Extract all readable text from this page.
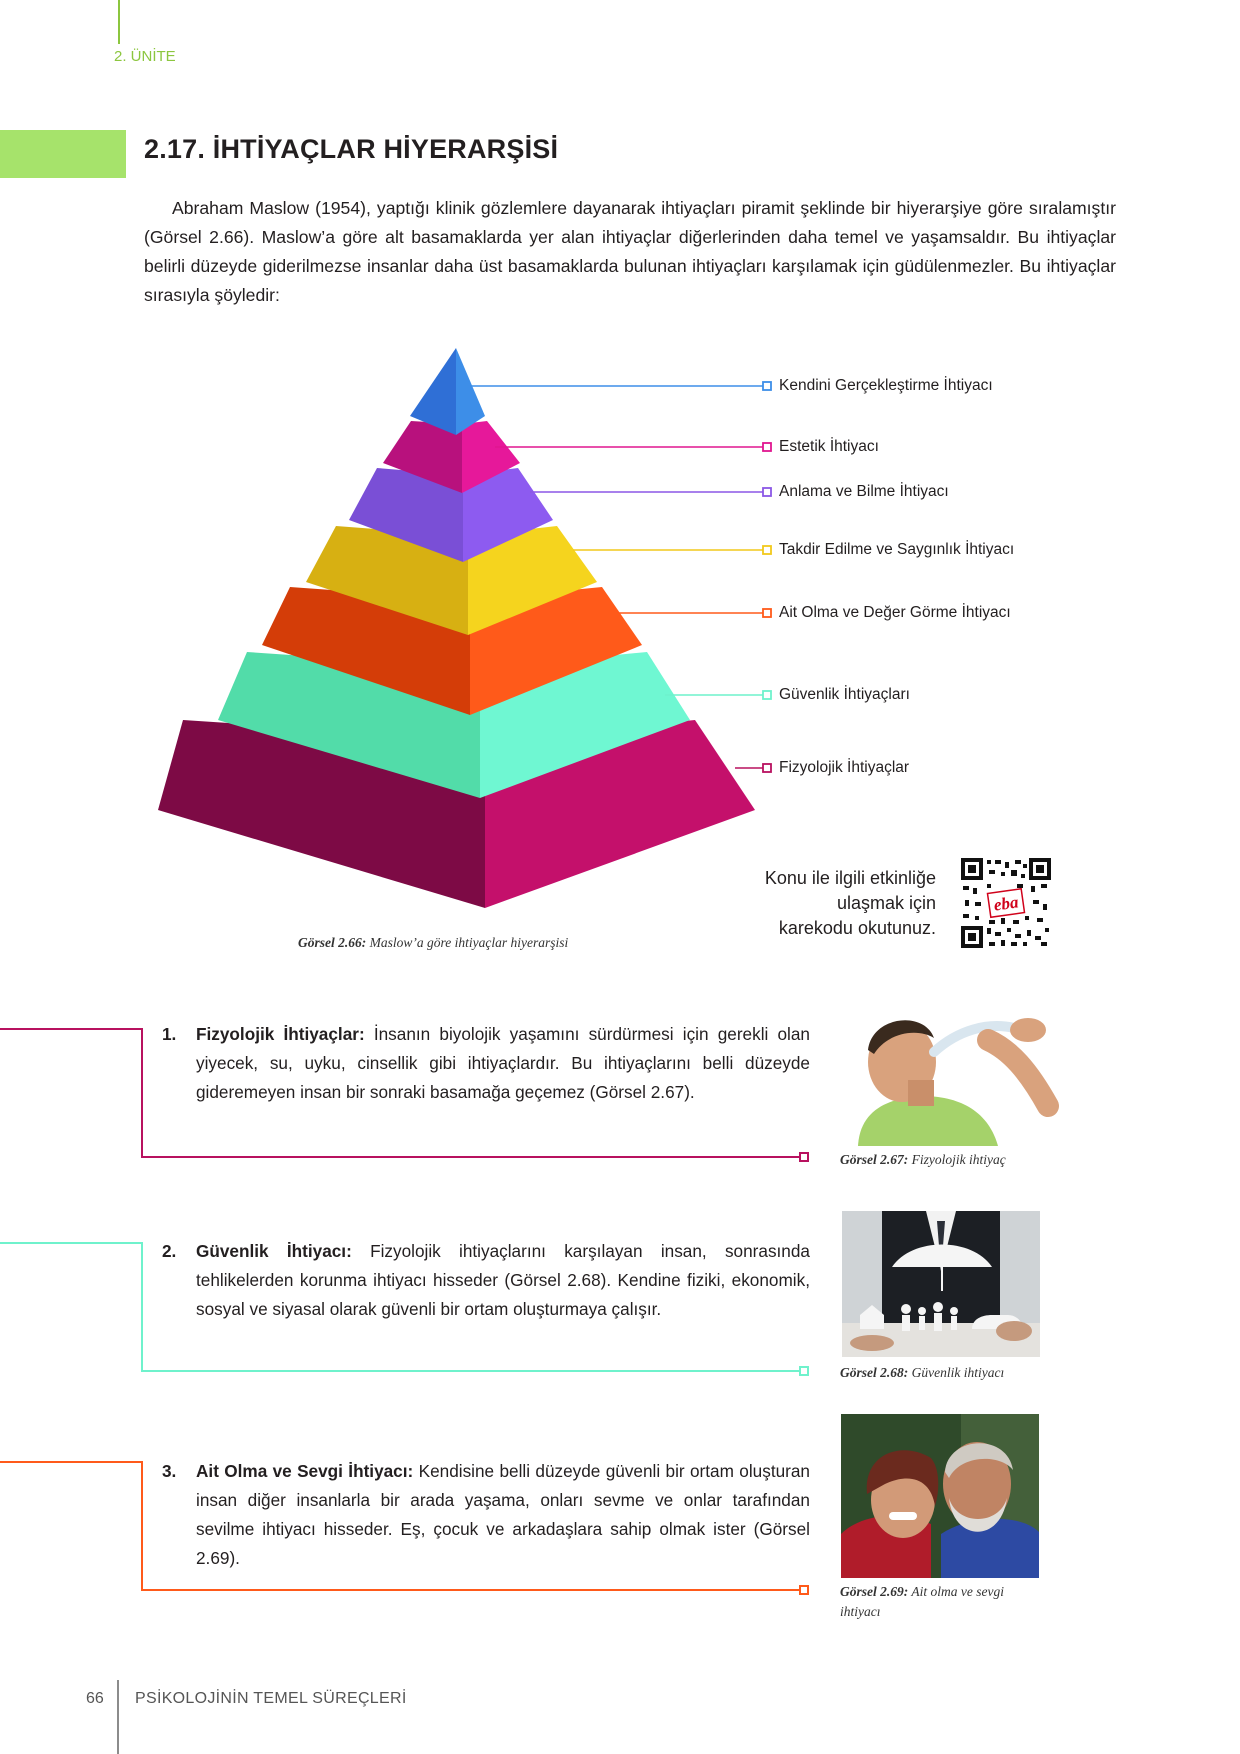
2. ÜNİTE
2.17. İHTİYAÇLAR HİYERARŞİSİ

Abraham Maslow (1954), yaptığı klinik gözlemlere dayanarak ihtiyaçları piramit şeklinde bir hiyerarşiye göre sıralamıştır (Görsel 2.66). Maslow’a göre alt basamaklarda yer alan ihtiyaçlar diğerlerinden daha temel ve yaşamsaldır. Bu ihtiyaçlar belirli düzeyde giderilmezse insanlar daha üst basamaklarda bulunan ihtiyaçları karşılamak için güdülenmezler. Bu ihtiyaçlar sırasıyla şöyledir:

Kendini Gerçekleştirme İhtiyacı
Estetik İhtiyacı
Anlama ve Bilme İhtiyacı
Takdir Edilme ve Saygınlık İhtiyacı
Ait Olma ve Değer Görme İhtiyacı
Güvenlik İhtiyaçları
Fizyolojik İhtiyaçlar
Görsel 2.66: Maslow’a göre ihtiyaçlar hiyerarşisi
Konu ile ilgili etkinliğe
ulaşmak için
karekodu okutunuz.
eba
1.	Fizyolojik İhtiyaçlar: İnsanın biyolojik yaşamını sürdürmesi için gerekli olan yiyecek, su, uyku, cinsellik gibi ihtiyaçlardır. Bu ihtiyaçlarını belli düzeyde gideremeyen insan bir sonraki basamağa geçemez (Görsel 2.67).
2.	Güvenlik İhtiyacı: Fizyolojik ihtiyaçlarını karşılayan insan, sonrasında tehlikelerden korunma ihtiyacı hisseder (Görsel 2.68). Kendine fiziki, ekonomik, sosyal ve siyasal olarak güvenli bir ortam oluşturmaya çalışır.
3.	Ait Olma ve Sevgi İhtiyacı: Kendisine belli düzeyde güvenli bir ortam oluşturan insan diğer insanlarla bir arada yaşama, onları sevme ve onlar tarafından sevilme ihtiyacı hisseder. Eş, çocuk ve arkadaşlara sahip olmak ister (Görsel 2.69).
Görsel 2.67: Fizyolojik ihtiyaç
Görsel 2.68: Güvenlik ihtiyacı
Görsel 2.69: Ait olma ve sevgi ihtiyacı
66 PSİKOLOJİNİN TEMEL SÜREÇLERİ
